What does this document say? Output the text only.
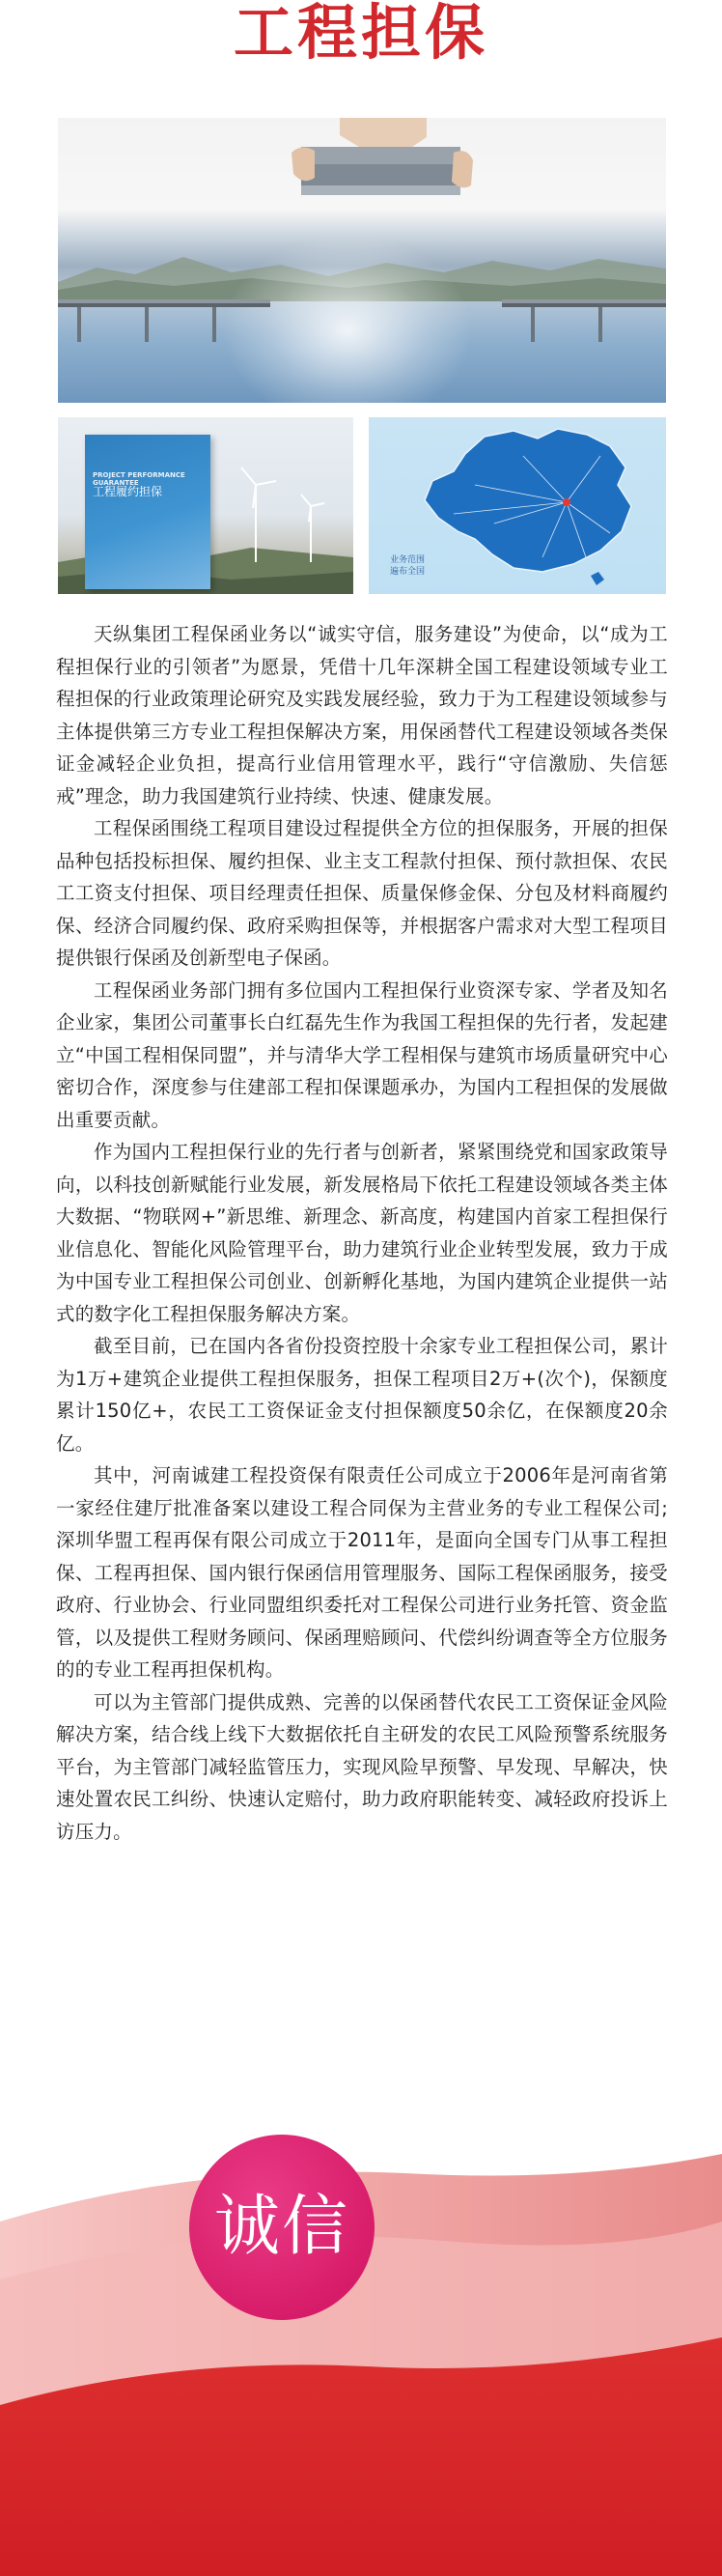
工程担保
PROJECT PERFORMANCE GUARANTEE
工程履约担保
业务范围
遍布全国

天纵集团工程保函业务以“诚实守信，服务建设”为使命，以“成为工程担保行业的引领者”为愿景，凭借十几年深耕全国工程建设领域专业工程担保的行业政策理论研究及实践发展经验，致力于为工程建设领域参与主体提供第三方专业工程担保解决方案，用保函替代工程建设领域各类保证金减轻企业负担，提高行业信用管理水平，践行“守信激励、失信惩戒”理念，助力我国建筑行业持续、快速、健康发展。

工程保函围绕工程项目建设过程提供全方位的担保服务，开展的担保品种包括投标担保、履约担保、业主支工程款付担保、预付款担保、农民工工资支付担保、项目经理责任担保、质量保修金保、分包及材料商履约保、经济合同履约保、政府采购担保等，并根据客户需求对大型工程项目提供银行保函及创新型电子保函。

工程保函业务部门拥有多位国内工程担保行业资深专家、学者及知名企业家，集团公司董事长白红磊先生作为我国工程担保的先行者，发起建立“中国工程相保同盟”，并与清华大学工程相保与建筑市场质量研究中心密切合作，深度参与住建部工程扣保课题承办，为国内工程担保的发展做出重要贡献。

作为国内工程担保行业的先行者与创新者，紧紧围绕党和国家政策导向，以科技创新赋能行业发展，新发展格局下依托工程建设领域各类主体大数据、“物联网+”新思维、新理念、新高度，构建国内首家工程担保行业信息化、智能化风险管理平台，助力建筑行业企业转型发展，致力于成为中国专业工程担保公司创业、创新孵化基地，为国内建筑企业提供一站式的数字化工程担保服务解决方案。

截至目前，已在国内各省份投资控股十余家专业工程担保公司，累计为1万+建筑企业提供工程担保服务，担保工程项目2万+(次个)，保额度累计150亿+，农民工工资保证金支付担保额度50余亿，在保额度20余亿。

其中，河南诚建工程投资保有限责任公司成立于2006年是河南省第一家经住建厅批准备案以建设工程合同保为主营业务的专业工程保公司;深圳华盟工程再保有限公司成立于2011年，是面向全国专门从事工程担保、工程再担保、国内银行保函信用管理服务、国际工程保函服务，接受政府、行业协会、行业同盟组织委托对工程保公司进行业务托管、资金监管，以及提供工程财务顾问、保函理赔顾问、代偿纠纷调查等全方位服务的的专业工程再担保机构。

可以为主管部门提供成熟、完善的以保函替代农民工工资保证金风险解决方案，结合线上线下大数据依托自主研发的农民工风险预警系统服务平台，为主管部门减轻监管压力，实现风险早预警、早发现、早解决，快速处置农民工纠纷、快速认定赔付，助力政府职能转变、减轻政府投诉上访压力。

诚信
